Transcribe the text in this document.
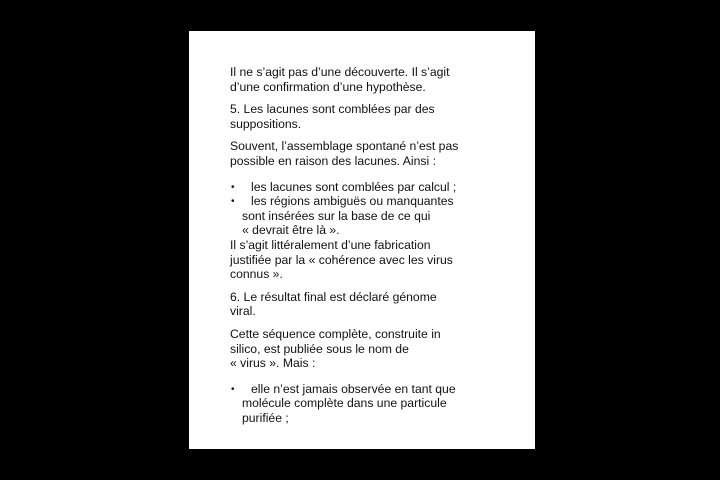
Il ne s’agit pas d’une découverte. Il s’agit
d’une confirmation d’une hypothèse.
5. Les lacunes sont comblées par des
suppositions.
Souvent, l’assemblage spontané n’est pas
possible en raison des lacunes. Ainsi :
•	les lacunes sont comblées par calcul ;
•	les régions ambiguës ou manquantes
sont insérées sur la base de ce qui
« devrait être là ».
Il s’agit littéralement d’une fabrication
justifiée par la « cohérence avec les virus
connus ».
6. Le résultat final est déclaré génome
viral.
Cette séquence complète, construite in
silico, est publiée sous le nom de
« virus ». Mais :
•	elle n’est jamais observée en tant que
molécule complète dans une particule
purifiée ;
